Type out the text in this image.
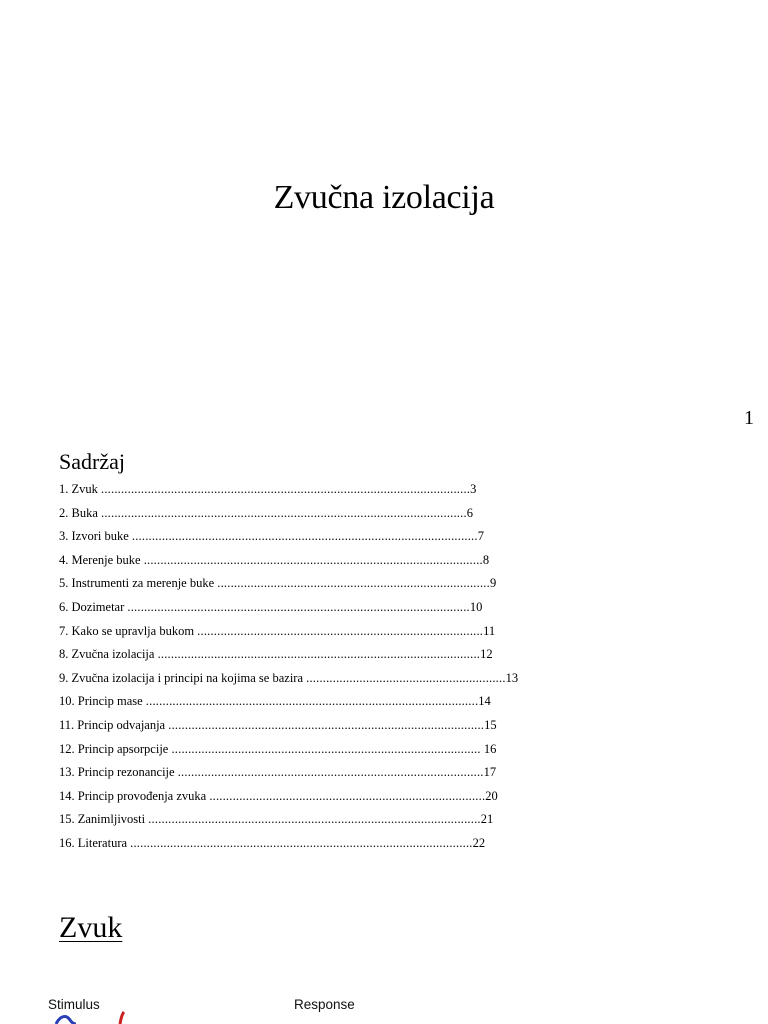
Zvučna izolacija
1
Sadržaj
1. Zvuk ............................................................................................................... 3
2. Buka .............................................................................................................. 6
3. Izvori buke ........................................................................................................ 7
4. Merenje buke ...................................................................................................... 8
5. Instrumenti za merenje buke .................................................................................. 9
6. Dozimetar ....................................................................................................... 10
7. Kako se upravlja bukom ...................................................................................... 11
8. Zvučna izolacija ................................................................................................. 12
9. Zvučna izolacija i principi na kojima se bazira ............................................................ 13
10. Princip mase .................................................................................................... 14
11. Princip odvajanja ............................................................................................... 15
12. Princip apsorpcije ............................................................................................. 16
13. Princip rezonancije ............................................................................................ 17
14. Princip provođenja zvuka ................................................................................... 20
15. Zanimljivosti .................................................................................................... 21
16. Literatura ....................................................................................................... 22
Zvuk
Stimulus	Response
